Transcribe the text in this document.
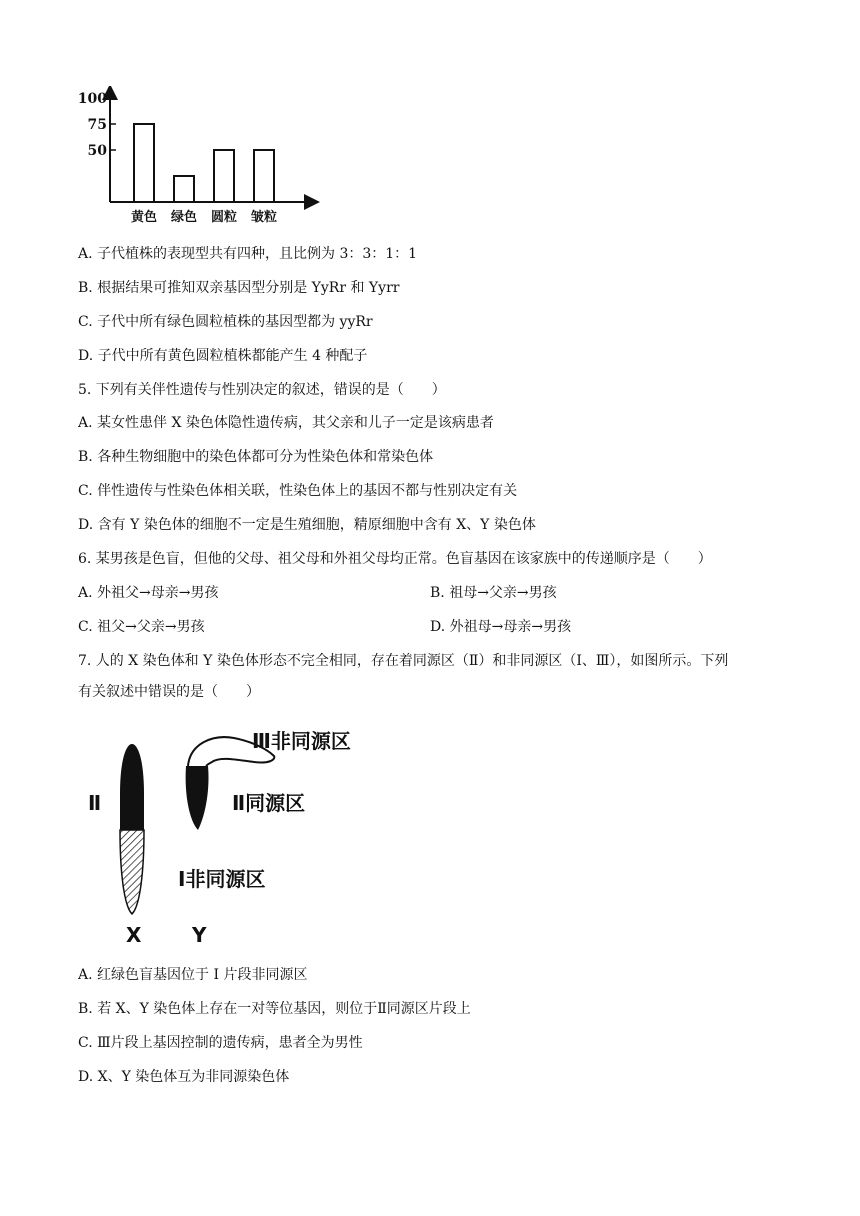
100
75
50
黄色 绿色 圆粒 皱粒
A. 子代植株的表现型共有四种，且比例为 3：3：1：1
B. 根据结果可推知双亲基因型分别是 YyRr 和 Yyrr
C. 子代中所有绿色圆粒植株的基因型都为 yyRr
D. 子代中所有黄色圆粒植株都能产生 4 种配子
5. 下列有关伴性遗传与性别决定的叙述，错误的是（　　）
A. 某女性患伴 X 染色体隐性遗传病，其父亲和儿子一定是该病患者
B. 各种生物细胞中的染色体都可分为性染色体和常染色体
C. 伴性遗传与性染色体相关联，性染色体上的基因不都与性别决定有关
D. 含有 Y 染色体的细胞不一定是生殖细胞，精原细胞中含有 X、Y 染色体
6. 某男孩是色盲，但他的父母、祖父母和外祖父母均正常。色盲基因在该家族中的传递顺序是（　　）
A. 外祖父→母亲→男孩	B. 祖母→父亲→男孩
C. 祖父→父亲→男孩	D. 外祖母→母亲→男孩
7. 人的 X 染色体和 Y 染色体形态不完全相同，存在着同源区（Ⅱ）和非同源区（Ⅰ、Ⅲ），如图所示。下列
有关叙述中错误的是（　　）
Ⅱ
Ⅲ非同源区
Ⅱ同源区
Ⅰ非同源区
X	Y
A. 红绿色盲基因位于 I 片段非同源区
B. 若 X、Y 染色体上存在一对等位基因，则位于Ⅱ同源区片段上
C. Ⅲ片段上基因控制的遗传病，患者全为男性
D. X、Y 染色体互为非同源染色体
